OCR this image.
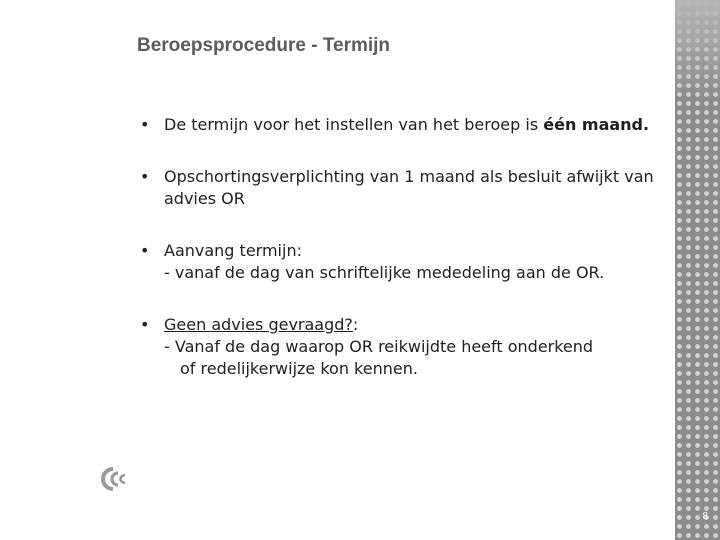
Beroepsprocedure - Termijn
• De termijn voor het instellen van het beroep is één maand.
• Opschortingsverplichting van 1 maand als besluit afwijkt van advies OR
• Aanvang termijn:
- vanaf de dag van schriftelijke mededeling aan de OR.
• Geen advies gevraagd?:
- Vanaf de dag waarop OR reikwijdte heeft onderkend
of redelijkerwijze kon kennen.
8
